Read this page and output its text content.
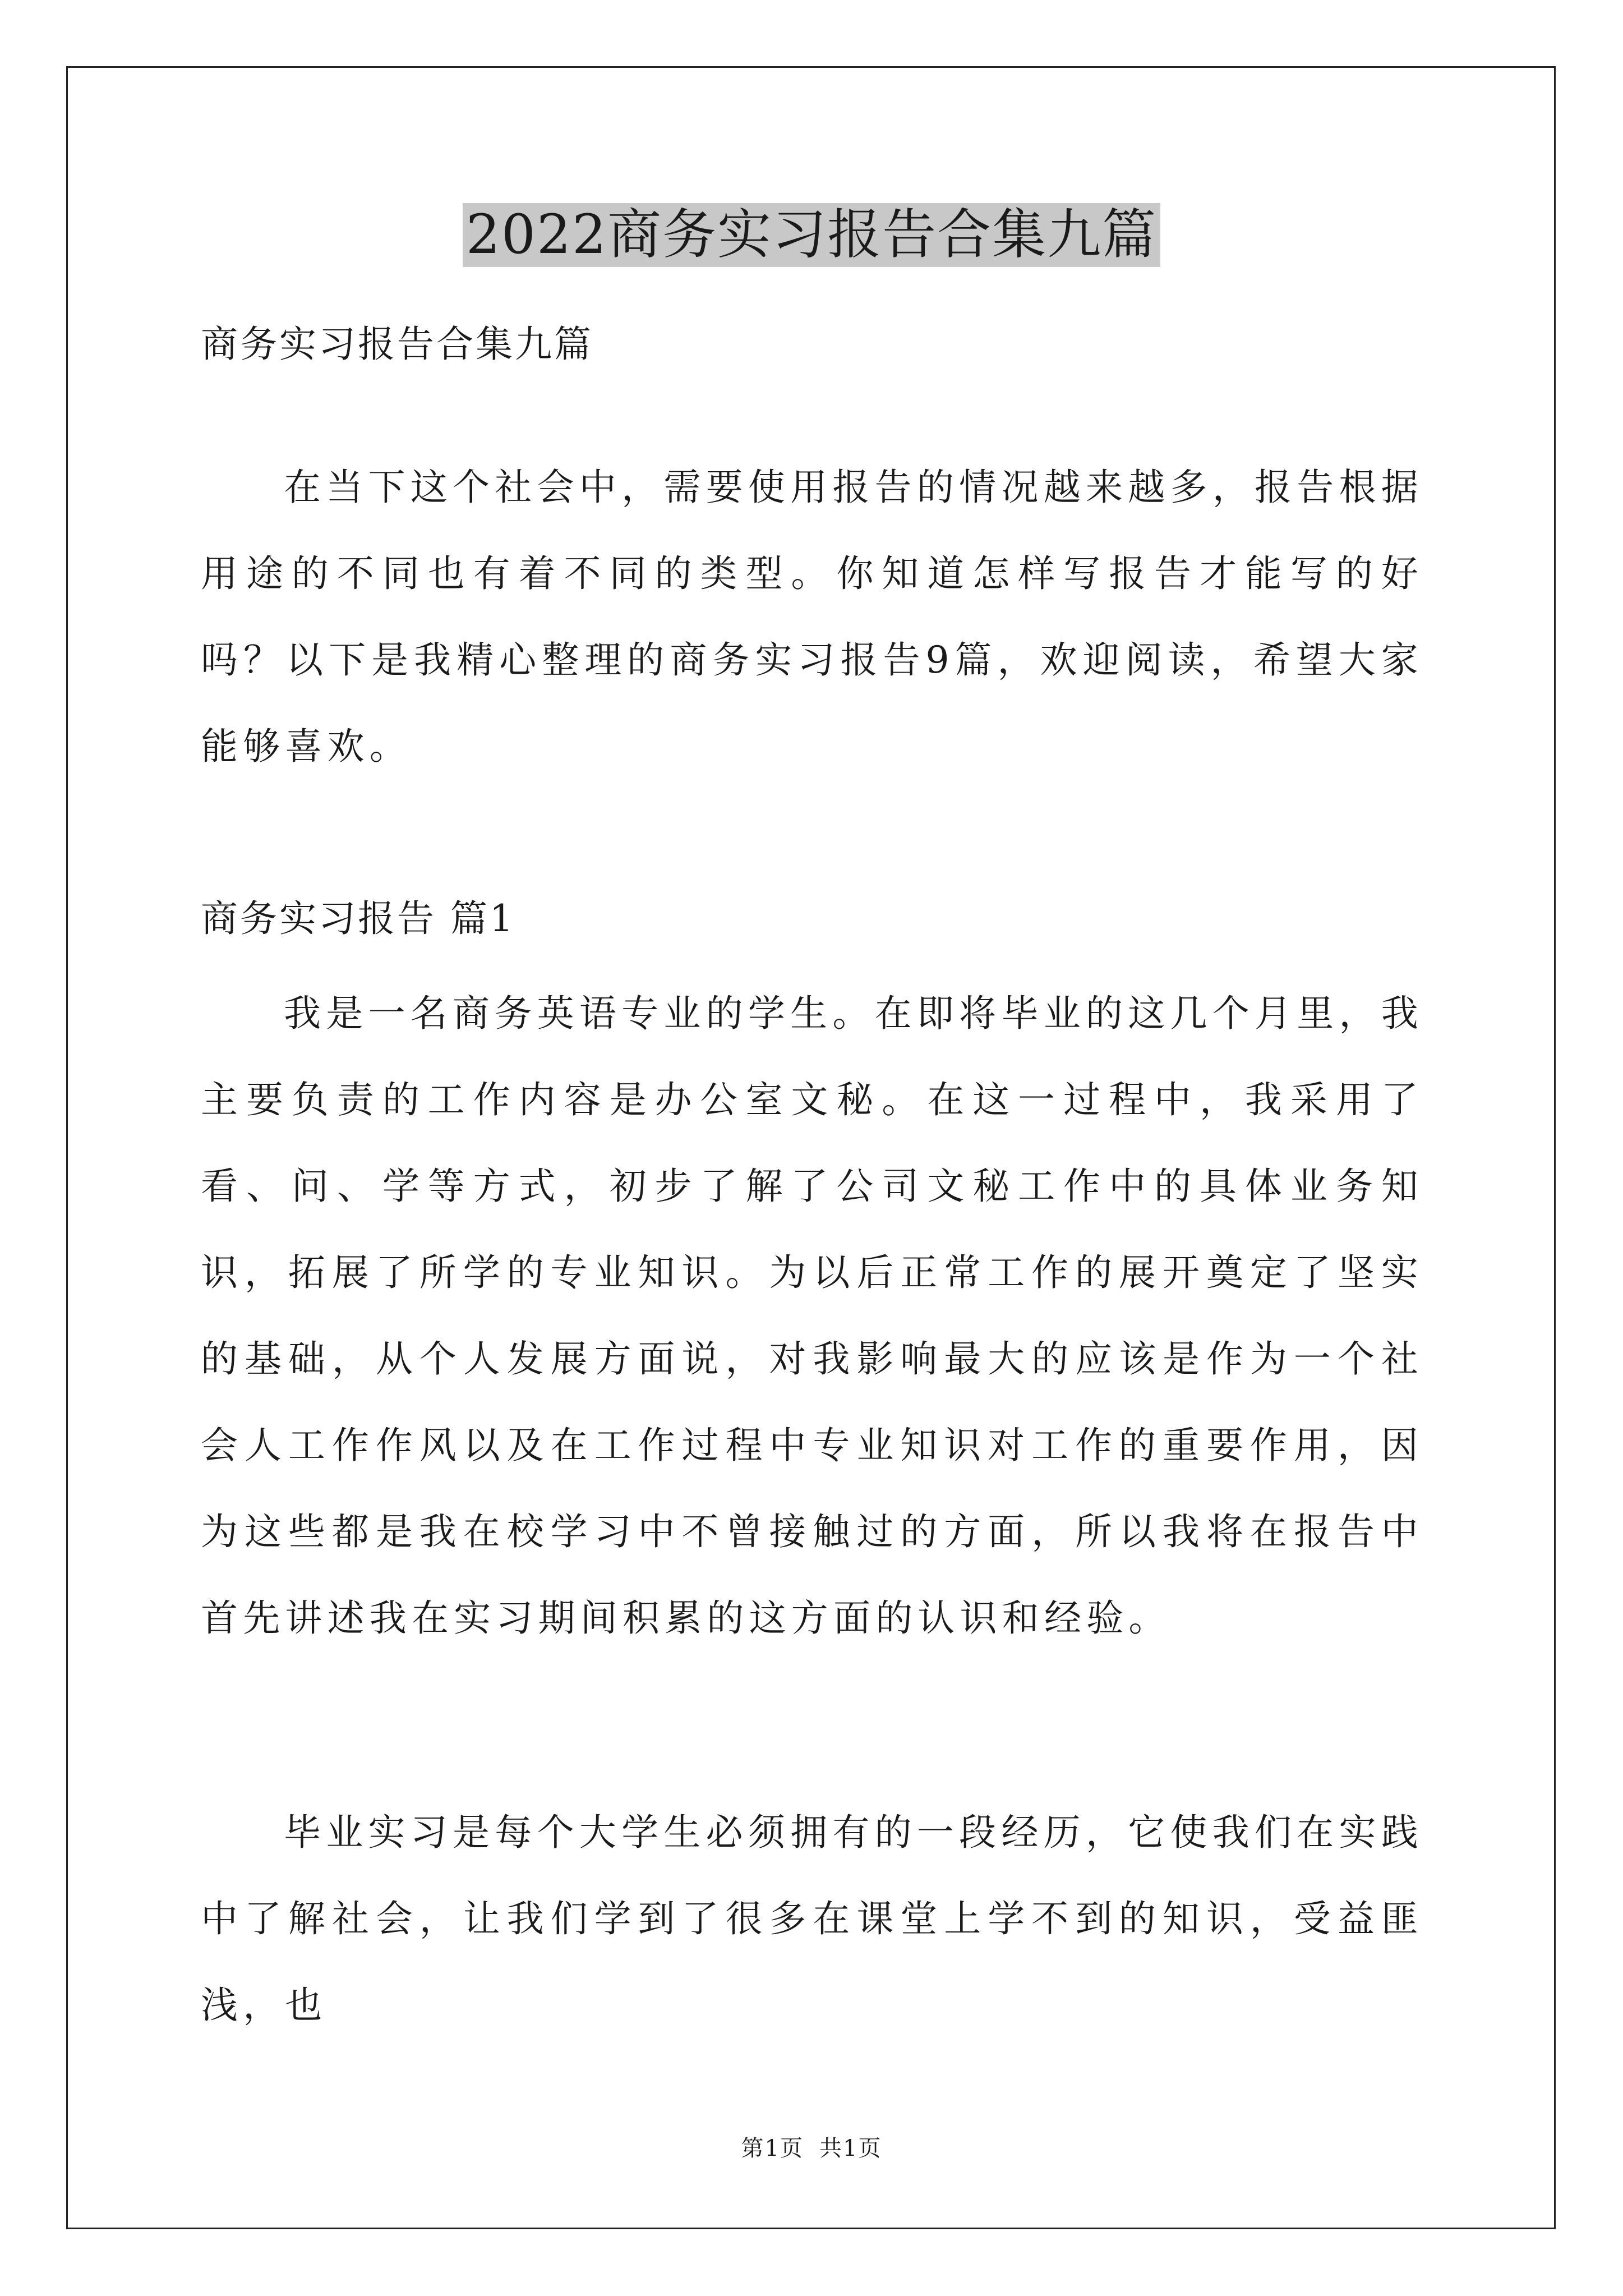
2022商务实习报告合集九篇

商务实习报告合集九篇

在当下这个社会中，需要使用报告的情况越来越多，报告根据用途的不同也有着不同的类型。你知道怎样写报告才能写的好吗？以下是我精心整理的商务实习报告9篇，欢迎阅读，希望大家能够喜欢。

商务实习报告 篇1

我是一名商务英语专业的学生。在即将毕业的这几个月里，我主要负责的工作内容是办公室文秘。在这一过程中，我采用了看、问、学等方式，初步了解了公司文秘工作中的具体业务知识，拓展了所学的专业知识。为以后正常工作的展开奠定了坚实的基础，从个人发展方面说，对我影响最大的应该是作为一个社会人工作作风以及在工作过程中专业知识对工作的重要作用，因为这些都是我在校学习中不曾接触过的方面，所以我将在报告中首先讲述我在实习期间积累的这方面的认识和经验。

毕业实习是每个大学生必须拥有的一段经历，它使我们在实践中了解社会，让我们学到了很多在课堂上学不到的知识，受益匪浅，也

第1页 共1页
